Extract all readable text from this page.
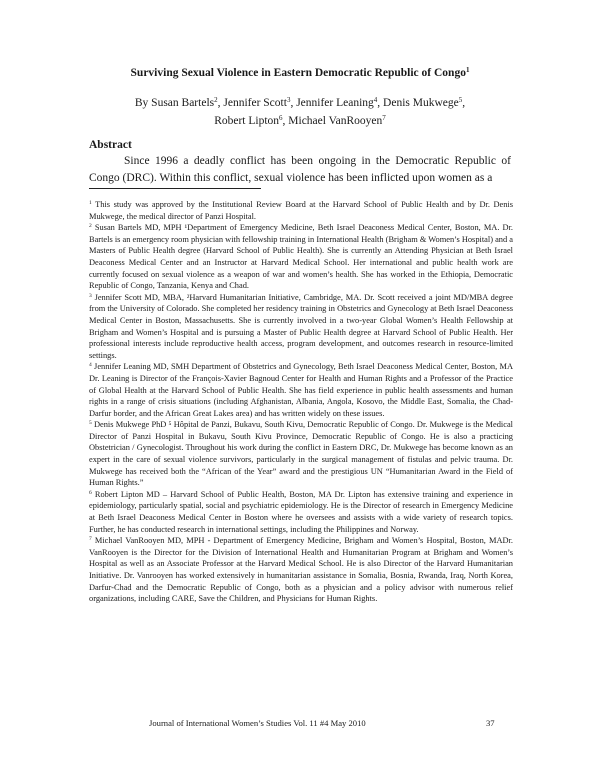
Surviving Sexual Violence in Eastern Democratic Republic of Congo$^1$
By Susan Bartels$^2$, Jennifer Scott$^3$, Jennifer Leaning$^4$, Denis Mukwege$^5$,
Robert Lipton$^6$, Michael VanRooyen$^7$
Abstract

Since 1996 a deadly conflict has been ongoing in the Democratic Republic of Congo (DRC). Within this conflict, sexual violence has been inflicted upon women as a

$^1$ This study was approved by the Institutional Review Board at the Harvard School of Public Health and by Dr. Denis Mukwege, the medical director of Panzi Hospital.

$^2$ Susan Bartels MD, MPH ¹Department of Emergency Medicine, Beth Israel Deaconess Medical Center, Boston, MA. Dr. Bartels is an emergency room physician with fellowship training in International Health (Brigham & Women’s Hospital) and a Masters of Public Health degree (Harvard School of Public Health). She is currently an Attending Physician at Beth Israel Deaconess Medical Center and an Instructor at Harvard Medical School. Her international and public health work are currently focused on sexual violence as a weapon of war and women’s health. She has worked in the Ethiopia, Democratic Republic of Congo, Tanzania, Kenya and Chad.

$^3$ Jennifer Scott MD, MBA, ²Harvard Humanitarian Initiative, Cambridge, MA. Dr. Scott received a joint MD/MBA degree from the University of Colorado. She completed her residency training in Obstetrics and Gynecology at Beth Israel Deaconess Medical Center in Boston, Massachusetts. She is currently involved in a two-year Global Women’s Health Fellowship at Brigham and Women’s Hospital and is pursuing a Master of Public Health degree at Harvard School of Public Health. Her professional interests include reproductive health access, program development, and outcomes research in resource-limited settings.

$^4$ Jennifer Leaning MD, SMH Department of Obstetrics and Gynecology, Beth Israel Deaconess Medical Center, Boston, MA Dr. Leaning is Director of the François-Xavier Bagnoud Center for Health and Human Rights and a Professor of the Practice of Global Health at the Harvard School of Public Health. She has field experience in public health assessments and human rights in a range of crisis situations (including Afghanistan, Albania, Angola, Kosovo, the Middle East, Somalia, the Chad-Darfur border, and the African Great Lakes area) and has written widely on these issues.

$^5$ Denis Mukwege PhD ⁵ Hôpital de Panzi, Bukavu, South Kivu, Democratic Republic of Congo. Dr. Mukwege is the Medical Director of Panzi Hospital in Bukavu, South Kivu Province, Democratic Republic of Congo. He is also a practicing Obstetrician / Gynecologist. Throughout his work during the conflict in Eastern DRC, Dr. Mukwege has become known as an expert in the care of sexual violence survivors, particularly in the surgical management of fistulas and pelvic trauma. Dr. Mukwege has received both the “African of the Year” award and the prestigious UN “Humanitarian Award in the Field of Human Rights.”

$^6$ Robert Lipton MD – Harvard School of Public Health, Boston, MA Dr. Lipton has extensive training and experience in epidemiology, particularly spatial, social and psychiatric epidemiology. He is the Director of research in Emergency Medicine at Beth Israel Deaconess Medical Center in Boston where he oversees and assists with a wide variety of research topics. Further, he has conducted research in international settings, including the Philippines and Norway.

$^7$ Michael VanRooyen MD, MPH - Department of Emergency Medicine, Brigham and Women’s Hospital, Boston, MADr. VanRooyen is the Director for the Division of International Health and Humanitarian Program at Brigham and Women’s Hospital as well as an Associate Professor at the Harvard Medical School. He is also Director of the Harvard Humanitarian Initiative. Dr. Vanrooyen has worked extensively in humanitarian assistance in Somalia, Bosnia, Rwanda, Iraq, North Korea, Darfur-Chad and the Democratic Republic of Congo, both as a physician and a policy advisor with numerous relief organizations, including CARE, Save the Children, and Physicians for Human Rights.

Journal of International Women’s Studies Vol. 11 #4 May 2010	37
